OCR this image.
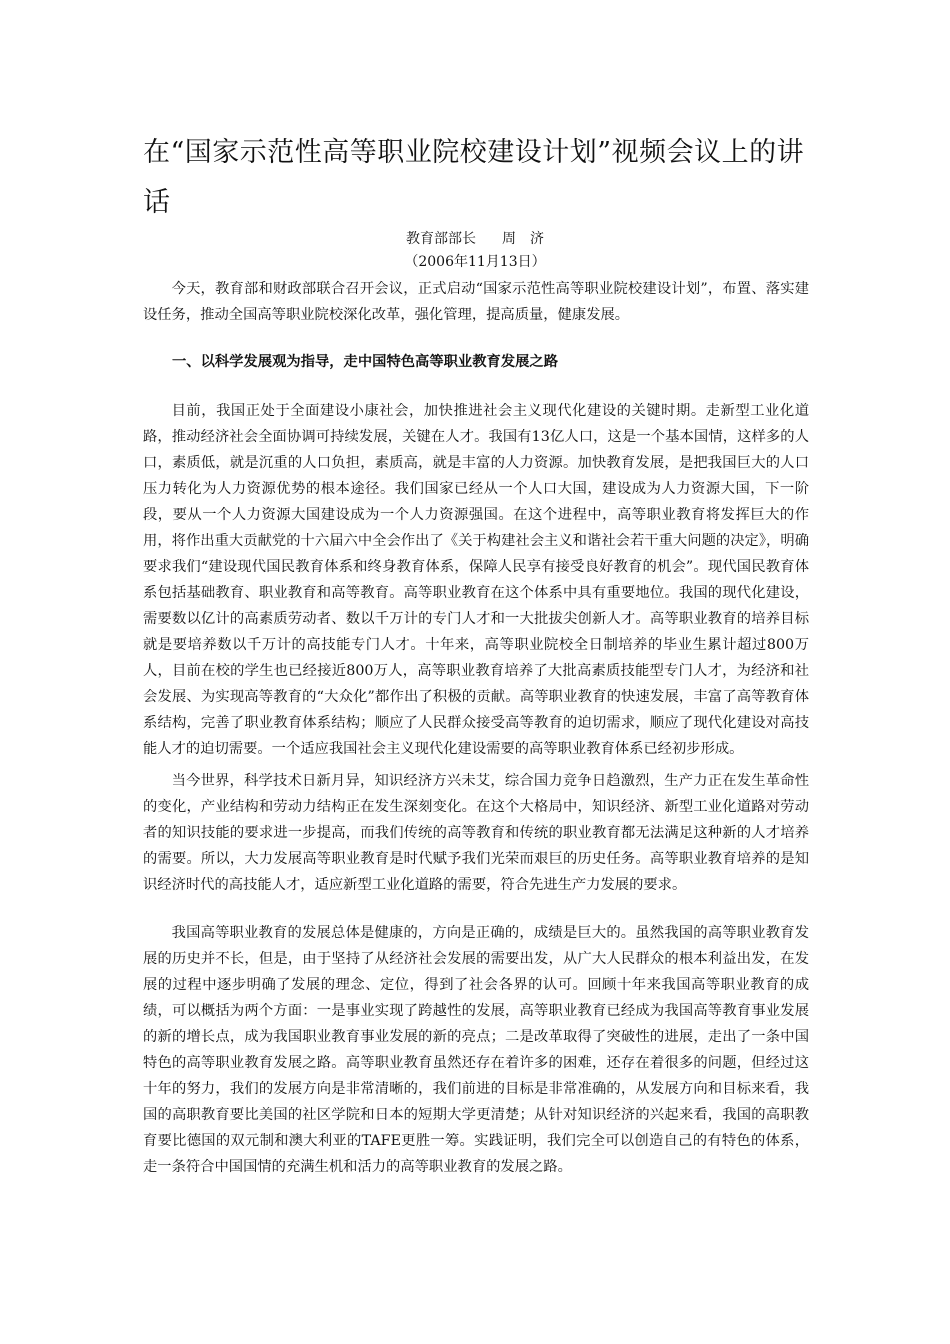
在“国家示范性高等职业院校建设计划”视频会议上的讲话
教育部部长 周　济
（2006年11月13日）

今天，教育部和财政部联合召开会议，正式启动“国家示范性高等职业院校建设计划”，布置、落实建设任务，推动全国高等职业院校深化改革，强化管理，提高质量，健康发展。

一、以科学发展观为指导，走中国特色高等职业教育发展之路

目前，我国正处于全面建设小康社会，加快推进社会主义现代化建设的关键时期。走新型工业化道路，推动经济社会全面协调可持续发展，关键在人才。我国有13亿人口，这是一个基本国情，这样多的人口，素质低，就是沉重的人口负担，素质高，就是丰富的人力资源。加快教育发展，是把我国巨大的人口压力转化为人力资源优势的根本途径。我们国家已经从一个人口大国，建设成为人力资源大国，下一阶段，要从一个人力资源大国建设成为一个人力资源强国。在这个进程中，高等职业教育将发挥巨大的作用，将作出重大贡献党的十六届六中全会作出了《关于构建社会主义和谐社会若干重大问题的决定》，明确要求我们“建设现代国民教育体系和终身教育体系，保障人民享有接受良好教育的机会”。现代国民教育体系包括基础教育、职业教育和高等教育。高等职业教育在这个体系中具有重要地位。我国的现代化建设，需要数以亿计的高素质劳动者、数以千万计的专门人才和一大批拔尖创新人才。高等职业教育的培养目标就是要培养数以千万计的高技能专门人才。十年来，高等职业院校全日制培养的毕业生累计超过800万人，目前在校的学生也已经接近800万人，高等职业教育培养了大批高素质技能型专门人才，为经济和社会发展、为实现高等教育的“大众化”都作出了积极的贡献。高等职业教育的快速发展，丰富了高等教育体系结构，完善了职业教育体系结构；顺应了人民群众接受高等教育的迫切需求，顺应了现代化建设对高技能人才的迫切需要。一个适应我国社会主义现代化建设需要的高等职业教育体系已经初步形成。

当今世界，科学技术日新月异，知识经济方兴未艾，综合国力竞争日趋激烈，生产力正在发生革命性的变化，产业结构和劳动力结构正在发生深刻变化。在这个大格局中，知识经济、新型工业化道路对劳动者的知识技能的要求进一步提高，而我们传统的高等教育和传统的职业教育都无法满足这种新的人才培养的需要。所以，大力发展高等职业教育是时代赋予我们光荣而艰巨的历史任务。高等职业教育培养的是知识经济时代的高技能人才，适应新型工业化道路的需要，符合先进生产力发展的要求。

我国高等职业教育的发展总体是健康的，方向是正确的，成绩是巨大的。虽然我国的高等职业教育发展的历史并不长，但是，由于坚持了从经济社会发展的需要出发，从广大人民群众的根本利益出发，在发展的过程中逐步明确了发展的理念、定位，得到了社会各界的认可。回顾十年来我国高等职业教育的成绩，可以概括为两个方面：一是事业实现了跨越性的发展，高等职业教育已经成为我国高等教育事业发展的新的增长点，成为我国职业教育事业发展的新的亮点；二是改革取得了突破性的进展，走出了一条中国特色的高等职业教育发展之路。高等职业教育虽然还存在着许多的困难，还存在着很多的问题，但经过这十年的努力，我们的发展方向是非常清晰的，我们前进的目标是非常准确的，从发展方向和目标来看，我国的高职教育要比美国的社区学院和日本的短期大学更清楚；从针对知识经济的兴起来看，我国的高职教育要比德国的双元制和澳大利亚的TAFE更胜一筹。实践证明，我们完全可以创造自己的有特色的体系，走一条符合中国国情的充满生机和活力的高等职业教育的发展之路。
